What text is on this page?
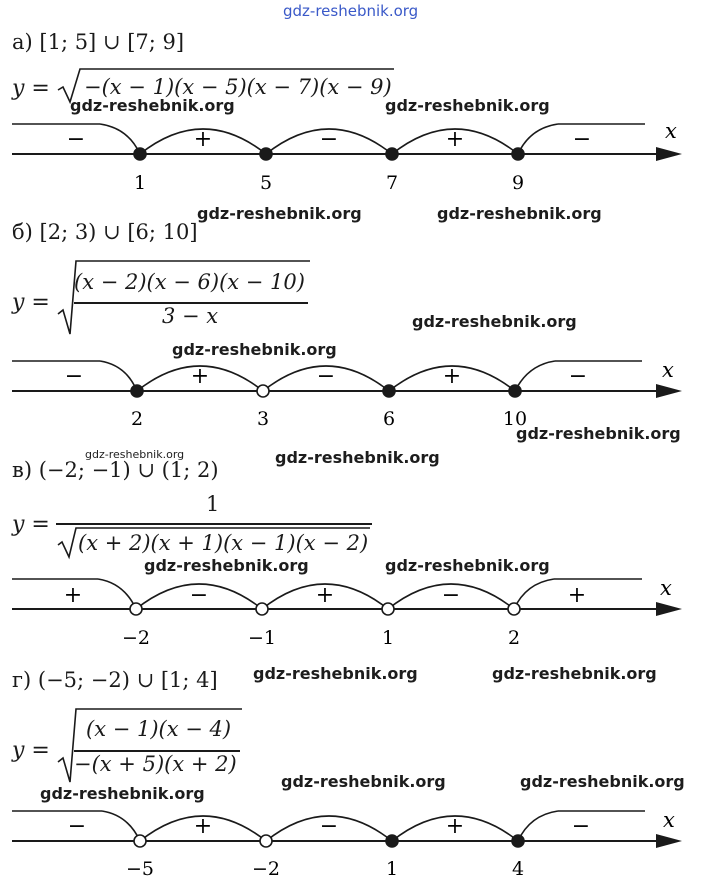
gdz-reshebnik.org
а) [1; 5] ∪ [7; 9]
y = −(x − 1)(x − 5)(x − 7)(x − 9)
gdz-reshebnik.org	gdz-reshebnik.org
x
−	+	−	+	−
1	5	7	9
gdz-reshebnik.org	gdz-reshebnik.org
б) [2; 3) ∪ [6; 10]
y =
(x − 2)(x − 6)(x − 10)
3 − x	gdz-reshebnik.org
gdz-reshebnik.org
x
−	+	−	+	−
2	3	6	10
gdz-reshebnik.org
gdz-reshebnik.org	gdz-reshebnik.org
в) (−2; −1) ∪ (1; 2)
y =
1
(x + 2)(x + 1)(x − 1)(x − 2)
gdz-reshebnik.org	gdz-reshebnik.org
x
+	−	+	−	+
−2	−1	1	2
gdz-reshebnik.org	gdz-reshebnik.org
г) (−5; −2) ∪ [1; 4]
y =
(x − 1)(x − 4)
−(x + 5)(x + 2)
gdz-reshebnik.org	gdz-reshebnik.org
gdz-reshebnik.org
x
−	+	−	+	−
−5	−2	1	4
